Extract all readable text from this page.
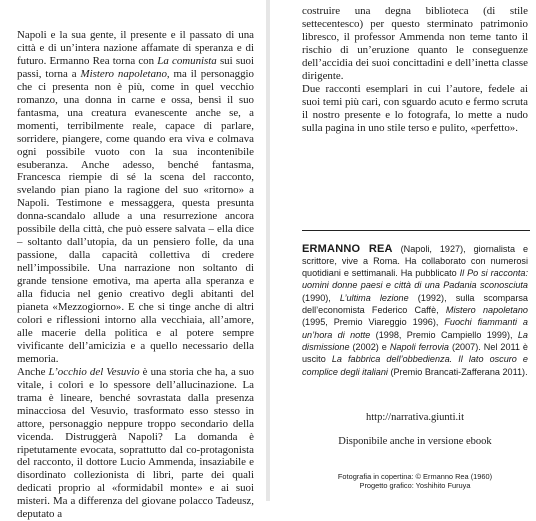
Napoli e la sua gente, il presente e il passato di una città e di un’intera nazione affamate di speranza e di futuro. Ermanno Rea torna con La comunista sui suoi passi, torna a Mistero napoletano, ma il personaggio che ci presenta non è più, come in quel vecchio romanzo, una donna in carne e ossa, bensì il suo fantasma, una creatura evanescente anche se, a momenti, terribilmente reale, capace di parlare, sorridere, piangere, come quando era viva e colmava ogni possibile vuoto con la sua incontenibile esuberanza. Anche adesso, benché fantasma, Francesca riempie di sé la scena del racconto, svelando pian piano la ragione del suo «ritorno» a Napoli. Testimone e messaggera, questa presunta donna-scandalo allude a una resurrezione ancora possibile della città, che può essere salvata – ella dice – soltanto dall’utopia, da un pensiero folle, da una passione, dalla capacità collettiva di credere nell’impossibile. Una narrazione non soltanto di grande tensione emotiva, ma aperta alla speranza e alla fiducia nel genio creativo degli abitanti del pianeta «Mezzogiorno». E che si tinge anche di altri colori e riflessioni intorno alla vecchiaia, all’amore, alle macerie della politica e al potere sempre vivificante dell’amicizia e a quello necessario della memoria.

Anche L’occhio del Vesuvio è una storia che ha, a suo vitale, i colori e lo spessore dell’allucinazione. La trama è lineare, benché sovrastata dalla presenza minacciosa del Vesuvio, trasformato esso stesso in attore, personaggio neppure troppo secondario della vicenda. Distruggerà Napoli? La domanda è ripetutamente evocata, soprattutto dal co-protagonista del racconto, il dottore Lucio Ammenda, insaziabile e disordinato collezionista di libri, parte dei quali dedicati proprio al «formidabil monte» e ai suoi misteri. Ma a differenza del giovane polacco Tadeusz, deputato a

costruire una degna biblioteca (di stile settecentesco) per questo sterminato patrimonio libresco, il professor Ammenda non teme tanto il rischio di un’eruzione quanto le conseguenze dell’accidia dei suoi concittadini e dell’inetta classe dirigente.

Due racconti esemplari in cui l’autore, fedele ai suoi temi più cari, con sguardo acuto e fermo scruta il nostro presente e lo fotografa, lo mette a nudo sulla pagina in uno stile terso e pulito, «perfetto».

ERMANNO REA (Napoli, 1927), giornalista e scrittore, vive a Roma. Ha collaborato con numerosi quotidiani e settimanali. Ha pubblicato Il Po si racconta: uomini donne paesi e città di una Padania sconosciuta (1990), L’ultima lezione (1992), sulla scomparsa dell’economista Federico Caffè, Mistero napoletano (1995, Premio Viareggio 1996), Fuochi fiammanti a un’hora di notte (1998, Premio Campiello 1999), La dismissione (2002) e Napoli ferrovia (2007). Nel 2011 è uscito La fabbrica dell’obbedienza. Il lato oscuro e complice degli italiani (Premio Brancati-Zafferana 2011).
http://narrativa.giunti.it
Disponibile anche in versione ebook
Fotografia in copertina: © Ermanno Rea (1960)
Progetto grafico: Yoshihito Furuya
